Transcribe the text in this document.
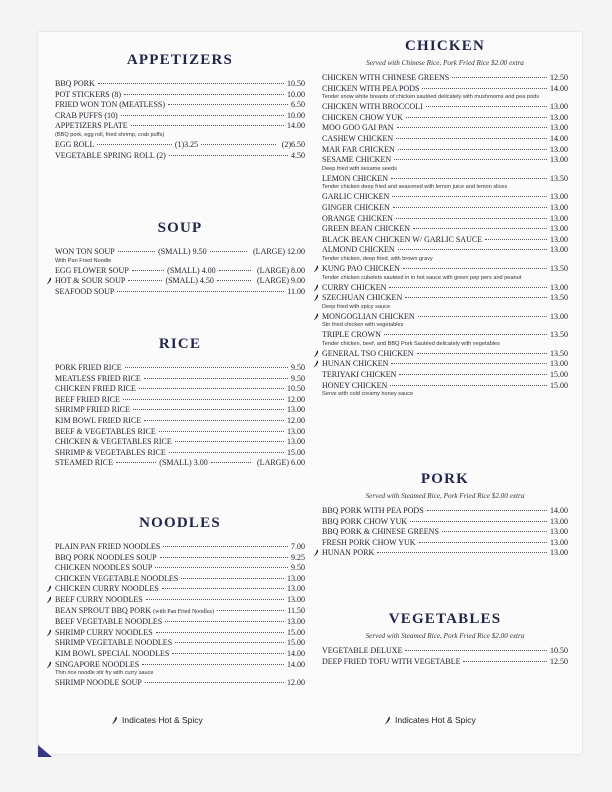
APPETIZERS
BBQ PORK	10.50
POT STICKERS (8)	10.00
FRIED WON TON (MEATLESS)	6.50
CRAB PUFFS (10)	10.00
APPETIZERS PLATE	14.00
(BBQ pork, egg roll, fried shrimp, crab puffs)
EGG ROLL	(1)3.25	(2)6.50
VEGETABLE SPRING ROLL (2)	4.50
SOUP
WON TON SOUP	(SMALL) 9.50	(LARGE) 12.00
With Pan Fried Noodle
EGG FLOWER SOUP	(SMALL) 4.00	(LARGE) 8.00
HOT & SOUR SOUP	(SMALL) 4.50	(LARGE) 9.00
SEAFOOD SOUP	11.00
RICE
PORK FRIED RICE	9.50
MEATLESS FRIED RICE	9.50
CHICKEN FRIED RICE	10.50
BEEF FRIED RICE	12.00
SHRIMP FRIED RICE	13.00
KIM BOWL FRIED RICE	12.00
BEEF & VEGETABLES RICE	13.00
CHICKEN & VEGETABLES RICE	13.00
SHRIMP & VEGETABLES RICE	15.00
STEAMED RICE	(SMALL) 3.00	(LARGE) 6.00
NOODLES
PLAIN PAN FRIED NOODLES	7.00
BBQ PORK NOODLES SOUP	9.25
CHICKEN NOODLES SOUP	9.50
CHICKEN VEGETABLE NOODLES	13.00
CHICKEN CURRY NOODLES	13.00
BEEF CURRY NOODLES	13.00
BEAN SPROUT BBQ PORK (with Pan Fried Noodles)	11.50
BEEF VEGETABLE NOODLES	13.00
SHRIMP CURRY NOODLES	15.00
SHRIMP VEGETABLE NOODLES	15.00
KIM BOWL SPECIAL NOODLES	14.00
SINGAPORE NOODLES	14.00
Thin rice noodle stir fry with curry sauce
SHRIMP NOODLE SOUP	12.00
Indicates Hot & Spicy
CHICKEN
Served with Chinese Rice, Pork Fried Rice $2.00 extra
CHICKEN WITH CHINESE GREENS	12.50
CHICKEN WITH PEA PODS	14.00
Tender snow white breasts of chicken sautéed delicately with mushrooms and pea pods
CHICKEN WITH BROCCOLI	13.00
CHICKEN CHOW YUK	13.00
MOO GOO GAI PAN	13.00
CASHEW CHICKEN	14.00
MAR FAR CHICKEN	13.00
SESAME CHICKEN	13.00
Deep fried with sesame seeds
LEMON CHICKEN	13.50
Tender chicken deep fried and seasoned with lemon juice and lemon slices
GARLIC CHICKEN	13.00
GINGER CHICKEN	13.00
ORANGE CHICKEN	13.00
GREEN BEAN CHICKEN	13.00
BLACK BEAN CHICKEN W/ GARLIC SAUCE	13.00
ALMOND CHICKEN	13.00
Tender chicken, deep fried, with brown gravy
KUNG PAO CHICKEN	13.50
Tender chicken cubelets sautéed in in hot sauce with green pep pers and peanut
CURRY CHICKEN	13.00
SZECHUAN CHICKEN	13.50
Deep fried with spicy sauce
MONGOGLIAN CHICKEN	13.00
Stir fried chicken with vegetables
TRIPLE CROWN	13.50
Tender chicken, beef, and BBQ Pork Sautéed delicately with vegetables
GENERAL TSO CHICKEN	13.50
HUNAN CHICKEN	13.00
TERIYAKI CHICKEN	15.00
HONEY CHICKEN	15.00
Serve with cold creamy honey sauce
PORK
Served with Steamed Rice, Pork Fried Rice $2.00 extra
BBQ PORK WITH PEA PODS	14.00
BBQ PORK CHOW YUK	13.00
BBQ PORK & CHINESE GREENS	13.00
FRESH PORK CHOW YUK	13.00
HUNAN PORK	13.00
VEGETABLES
Served with Steamed Rice, Pork Fried Rice $2.00 extra
VEGETABLE DELUXE	10.50
DEEP FRIED TOFU WITH VEGETABLE	12.50
Indicates Hot & Spicy
